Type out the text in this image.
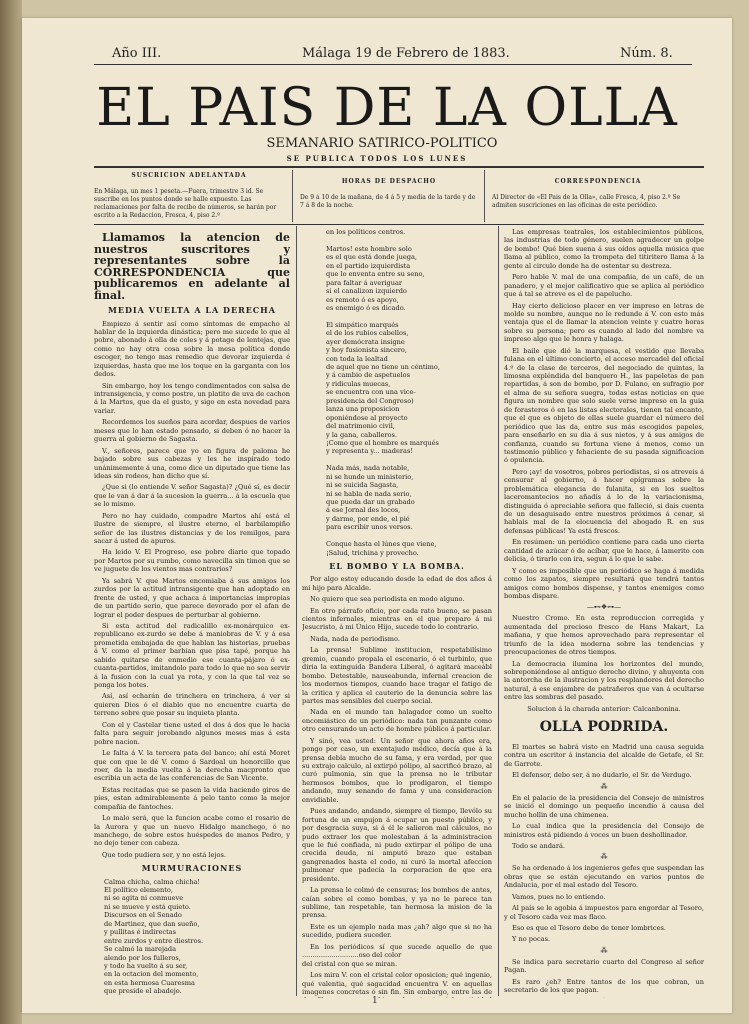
Año III.	Málaga 19 de Febrero de 1883.	Núm. 8.
EL PAIS DE LA OLLA
SEMANARIO SATIRICO-POLITICO
SE PUBLICA TODOS LOS LUNES
SUSCRICION ADELANTADA
En Málaga, un mes 1 peseta.—Fuera, trimestre 3 id. Se suscribe en los puntos donde se halle expuesto. Las reclamaciones por falta de recibo de números, se harán por escrito a la Redaccion, Fresca, 4, piso 2.º
HORAS DE DESPACHO
De 9 á 10 de la mañana, de 4 á 5 y media de la tarde y de 7 á 8 de la noche.
CORRESPONDENCIA
Al Director de «El Pais de la Olla», calle Fresca, 4, piso 2.º Se admiten suscriciones en las oficinas de este periódico.
Llamamos la atencion de nuestros suscritores y representantes sobre la CORRESPONDENCIA que publicaremos en adelante al final.
MEDIA VUELTA A LA DERECHA

Empiezo á sentir así como síntomas de empacho al hablar de la izquierda dinástica; pero me sucede lo que al pobre, abonado á olla de coles y á potage de lentejas, que como no hay otra cosa sobre la mesa política donde escoger, no tengo mas remedio que devorar izquierda é izquierdas, hasta que me los toque en la garganta con los dedos.

Sin embargo, hoy los tengo condimentados con salsa de intransigencia, y como postre, un platito de uva de cachon á la Martos, que da el gusto, y sigo en esta novedad para variar.

Recordemos los sueños para acordar, despues de varios meses que lo han estado pensado, si deben ó no hacer la guerra al gobierno de Sagasta.

V., señores, parece que yo en figura de paloma he bajado sobre sus cabezas y les he inspirado todo unánimemente á una, como dice un diputado que tiene las ideas sin rodeos, han dicho que sí.

¿Que si (lo entiende V. señor Sagasta)? ¿Qué sí, es decir que le van á dar á la sucesion la guerra... á la escuela que se lo mismo.

Pero no hay cuidado, compadre Martos ahí está el ilustre de siempre, el ilustre eterno, el barbilampiño señor de las ilustres distancias y de los remilgos, para sacar á usted de apuros.

Ha leido V. El Progreso, ese pobre diario que topado por Martos por su rumbo, como navecilla sin timon que se ve juguete de los vientos mas contrarios?

Ya sabrá V. que Martos encomiaba á sus amigos los zurdos por la actitud intransigente que han adoptado en frente de usted, y que achaca á importancias impropias de un partido serio, que parece devorado por el afan de lograr el poder despues de perturbar al gobierno.

Si esta actitud del radicalillo ex-monárquico ex-republicano ex-zurdo se debe á maniobras de V. y á esa prometida embajada de que hablan las historias, pruebas á V. como el primer barbian que pisa tapé, porque ha sabido quitarse de enmedio ese cuanta-pájaro ó ex-cuanta-partidos, imitandolo para todo lo que no sea servir á la fusion con la cual ya rota, y con la que tal vez se ponga los botes.

Así, así echarán de trinchera en trinchera, á ver si quieren Dios ó el diablo que no encuentre cuarta de terreno sobre que posar su inquieta planta.

Con el y Castelar tiene usted el dos á dos que le hacia falta para seguir jorobando algunos meses mas á esta pobre nacion.

Le falta á V. la tercera pata del banco; ahí está Moret que con que le dé V. como á Sardoal un honorcillo que roer, da la media vuelta á la derecha macpronto que escribia un acta de las conferencias de San Vicente.

Estas recitadas que se pasen la vida haciendo giros de pies, estan admirablemente á pelo tanto como la mejor compañia de fantoches.

Lo malo será, que la funcion acabe como el rosario de la Aurora y que un nuevo Hidalgo manchego, ó no manchego, de sobre estos huéspedes de manos Pedro, y no dejo tener con cabeza.

Que todo pudiera ser, y no está lejos.

MURMURACIONES

Calma chicha, calma chicha!
El político elemento,
ni se agita ni conmueve
ni se mueve y está quieto.
Discursos en el Senado
de Martinez, que dan sueño,
y pullitas é indirectas
entre zurdos y entre diestros.
Se calmó la marejada
alendo por los fulleros,
y todo ha vuelto á su ser,
en la octacion del momento,
en esta hermosa Cuaresma
que preside el abadejo.

en los políticos centros.

Martos! este hombre solo
es el que está donde juega,
en el partido izquierdista
que lo enventa entre su seno,
para faltar á averiguar
si el canalizon izquierdo
es remoto ó es apoyo,
es enemigo ó es dicado.

El simpático marqués
el de los rubios cabellos,
ayer demócrata insigne
y hoy fusionista sincero,
con toda la lealtad
de aquel que no tiene un céntimo,
y á cambio de aspetuelos
y ridiculas muecas,
se encuentra con una vice-
presidencia del Congreso)
lanza una proposicion
oponiéndose al proyecto
del matrimonio civil,
y la gana, caballeros.
¡Como que el hombre es marqués
y representa y... maderas!

Nada más, nada notable,
ni se hunde un ministerio,
ni se suicida Sagasta,
ni se habla de nada serio,
que pueda dar un grabado
á ese Jornal des locos,
y darme, por ende, el pié
para escribir unos versos.

Conque hasta el lúnes que viene,
¡Salud, trichina y provecho.

EL BOMBO Y LA BOMBA.

Por algo estoy educando desde la edad de dos años á mi hijo para Alcalde.

No quiero que sea periodista en modo alguno.

En otro párrafo oficio, por cada rato bueno, se pasan cientos infernales, mientras en el que preparo á mi Jesucristo, á mi Único Hijo, sucede todo lo contrario.

Nada, nada de periodismo.

La prensa! Sublime institucion, respetabilísimo gremio, cuando propala el escenario, ó el turbinlo, que diria la extinguida Bandera Liberal, ó agitará maceábl bombo. Detestable, nauseabunda, infernal creacion de los modernos tiempos, cuando hace tragar el fatigo de la critica y aplica el cauterio de la denuncia sobre las partes mas sensibles del cuerpo social.

Nada en el mundo tan halagador como un suelto encomiástico de un periódico: nada tan punzante como otro censurando un acto de hombre público á particular.

Y sinó, vea usted: Un señor que ahora años era, pongo por caso, un exentajudo médico, decía que á la prensa debía mucho de su fama, y era verdad, por que su extrajo calculo, al extirpó pólipo, al sacrificó brazo, al curó pulmonia, sin que la prensa no le tributar hermosos bombos, que lo prodigaron, el tiempo andando, muy senando de fama y una consideracion envidiable.

Pues andando, andando, siempre el tiempo, llevólo su fortuna de un empujon á ocupar un puesto público, y por desgracia suya, si á él le salieron mal cálculos, no pudo extraer los que molestaban á la administracion que le fué confiada, ni pudo extirpar el pólipo de una crecida deuda, ni amputó brazo que estaban gangrenados hasta el codo, ni curó la mortal afeccion pulmonar que padecía la corporacion de que era presidente.

La prensa le colmó de censuras; los bombos de antes, caían sobre el como bombas, y ya no le parece tan sublime, tan respetable, tan hermosa la mision de la prensa.

Este es un ejemplo nada mas ¿ah? algo que si no ha sucedido, pudiera suceder.

En los periódicos sí que sucede aquello de que ...........................oso del color
del cristal con que se miran.

Los mira V. con el cristal color oposicion; qué ingenio, qué valentia, qué sagacidad encuentra V. en aquellas imagenes concretas ó sin fin. Sin embargo, entre las de

Las empresas teatrales, los establecimientos públicos, las industrias de todo género, suelen agradecer un golpe de bombo! Qué bien suena á sus oídos aquella música que llama al público, como la trompeta del titiritero llama á la gente al circulo donde ha de ostentar su destreza.

Pero hable V. mal de una compañia, de un café, de un panadero, y el mejor calificativo que se aplica al periódico que á tal se atreve es el de papelucho.

Hay cierto delicioso placer en ver impreso en letras de molde su nombre, aunque no le redunde á V. con esto más ventaja que el de llamar la atencion veinte y cuatro horas sobre su persona; pero es cuando al lado del nombre va impreso algo que le honra y halaga.

El baile que dió la marquesa, el vestido que llevaba fulana en el último concierto, el acceso mercadel del oficial 4.º de la clase de terceros, del negociado de quintas, la limosna expléndida del banquero H., las papeletas de pan repartidas, á son de bombo, por D. Fulano, en sufragio por el alma de su señora suegra, todas estas noticias en que figura un nombre que solo suele verse impreso en la guia de forasteros ó en las listas electorales, tienen tal encanto, que el que es objeto de ellas suele guardar el número del periódico que las da, entre sus más escogidos papeles, para enseñarlo en su dia á sus nietos, y á sus amigos de confianza, cuando su fortuna viene á menos, como un testimonio público y fehaciente de su pasada significacion ó opulencia.

Pero ¡ay! de vosotros, pobres periodistas, si os atreveis á censurar al gobierno, á hacer epígramas sobre la problemática elegancia de fulanita, si en los sueltos laceromantecios no añadís á lo de la variacionisma, distinguida ó apreciable señora que falleció, si dais cuenta de un desaguisado entre nuestros próximos á cenar, si hablais mal de la elocuencia del abogado R. en sus defensas públicas! Ya está frescos.

En resúmen: un periódico contiene para cada uno cierta cantidad de azúcar ó de acíbar, que le hace, á lamerito con delicia, ó tirarlo con ira, segun á lo que le sabe.

Y como es imposible que un periódico se haga á medida como los zapatos, siempre resultará que tendrá tantos amigos como bombos dispense, y tantos enemigos como bombas dispare.

—⊷❖⊶—

Nuestro Cromo. En esta reproduccion corregida y aumentada del precioso fresco de Hans Makart, La mañana, y que hemos aprovechado para representar el triunfo de la idea moderna sobre las tendencias y preocupaciones de otros tiempos.

La democracia ilumina los horizontes del mundo, sobreponiéndose al antiguo derecho divino, y ahuyenta con la antorcha de la ilustracion y los resplandores del derecho natural, á ese enjambre de patrañeros que van á ocultarse entre las sombras del pasado.

Solucion á la charada anterior: Calcanbonina.

OLLA PODRIDA.

El martes se habrá visto en Madrid una causa seguida contra un escritor á instancia del alcalde de Getafe, el Sr. de Garrote.

El defensor, debo ser, á no dudarlo, el Sr. de Verdugo.

⁂

En el palacio de la presidencia del Consejo de ministros se inició el domingo un pequeño incendio á causa del mucho hollin de una chimenea.

Lo cual indica que la presidencia del Consejo de ministros está pidiendo á voces un buen deshollinador.

Todo se andará.

⁂

Se ha ordenado á los ingenieros gefes que suspendan las obras que se están ejecutando en varios puntos de Andalucia, por el mal estado del Tesoro.

Vamos, pues no lo entiendo.

Al país se le agobia á impuestos para engordar al Tesoro, y el Tesoro cada vez mas flaco.

Eso es que el Tesoro debe de tener lombrices.

Y no pocas.

⁂

Se indica para secretario cuarto del Congreso al señor Pagan.

Es raro ¿eh? Entre tantos de los que cobran, un secretario de los que pagan.

1
